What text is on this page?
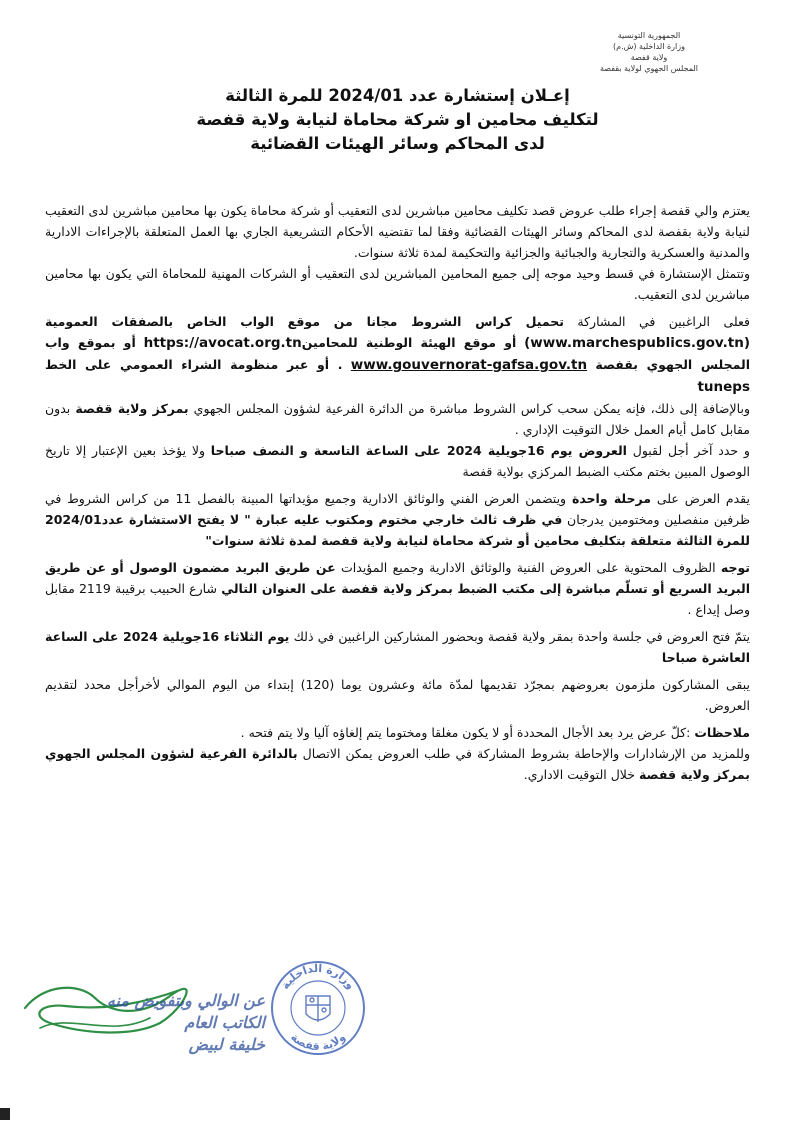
الجمهورية التونسية
وزارة الداخلية (ش.م)
ولاية قفصة
المجلس الجهوي لولاية بقفصة
إعـلان إستشارة عدد 2024/01 للمرة الثالثة
لتكليف محامين او شركة محاماة لنيابة ولاية قفصة
لدى المحاكم وسائر الهيئات القضائية

يعتزم والي قفصة إجراء طلب عروض قصد تكليف محامين مباشرين لدى التعقيب أو شركة محاماة يكون بها محامين مباشرين لدى التعقيب لنيابة ولاية بقفصة لدى المحاكم وسائر الهيئات القضائية وفقا لما تقتضيه الأحكام التشريعية الجاري بها العمل المتعلقة بالإجراءات الادارية والمدنية والعسكرية والتجارية والجبائية والجزائية والتحكيمة لمدة ثلاثة سنوات.

وتتمثل الإستشارة في قسط وحيد موجه إلى جميع المحامين المباشرين لدى التعقيب أو الشركات المهنية للمحاماة التي يكون بها محامين مباشرين لدى التعقيب.

فعلى الراغبين في المشاركة تحميل كراس الشروط مجانا من موقع الواب الخاص بالصفقات العمومية (www.marchespublics.gov.tn) أو موقع الهيئة الوطنية للمحامينhttps://avocat.org.tn أو بموقع واب المجلس الجهوي بقفصة www.gouvernorat-gafsa.gov.tn . أو عبر منظومة الشراء العمومي على الخط tuneps

وبالإضافة إلى ذلك، فإنه يمكن سحب كراس الشروط مباشرة من الدائرة الفرعية لشؤون المجلس الجهوي بمركز ولاية قفصة بدون مقابل كامل أيام العمل خلال التوقيت الإداري .

و حدد آخر أجل لقبول العروض يوم 16جويلية 2024 على الساعة التاسعة و النصف صباحا ولا يؤخذ بعين الإعتبار إلا تاريخ الوصول المبين بختم مكتب الضبط المركزي بولاية قفصة

يقدم العرض على مرحلة واحدة ويتضمن العرض الفني والوثائق الادارية وجميع مؤيداتها المبينة بالفصل 11 من كراس الشروط في ظرفين منفصلين ومختومين يدرجان في ظرف ثالث خارجي مختوم ومكتوب عليه عبارة " لا يفتح الاستشارة عدد2024/01 للمرة الثالثة متعلقة بتكليف محامين أو شركة محاماة لنيابة ولاية قفصة لمدة ثلاثة سنوات"

توجه الظروف المحتوية على العروض الفنية والوثائق الادارية وجميع المؤيدات عن طريق البريد مضمون الوصول أو عن طريق البريد السريع أو تسلّم مباشرة إلى مكتب الضبط بمركز ولاية قفصة على العنوان التالي شارع الحبيب برقيبة 2119 مقابل وصل إيداع .

يتمّ فتح العروض في جلسة واحدة بمقر ولاية قفصة وبحضور المشاركين الراغبين في ذلك يوم الثلاثاء 16جويلية 2024 على الساعة العاشرة صباحا

يبقى المشاركون ملزمون بعروضهم بمجرّد تقديمها لمدّة مائة وعشرون يوما (120) إبتداء من اليوم الموالي لأخرأجل محدد لتقديم العروض.

ملاحظات :كلّ عرض يرد بعد الأجال المحددة أو لا يكون مغلقا ومختوما يتم إلغاؤه آليا ولا يتم فتحه .

وللمزيد من الإرشادارات والإحاطة بشروط المشاركة في طلب العروض يمكن الاتصال بالدائرة الفرعية لشؤون المجلس الجهوي بمركز ولاية قفصة خلال التوقيت الاداري.

عن الوالي وبتفويض منه
الكاتب العام
خليفة لبيض
وزارة الداخلية
ولاية قفصة
